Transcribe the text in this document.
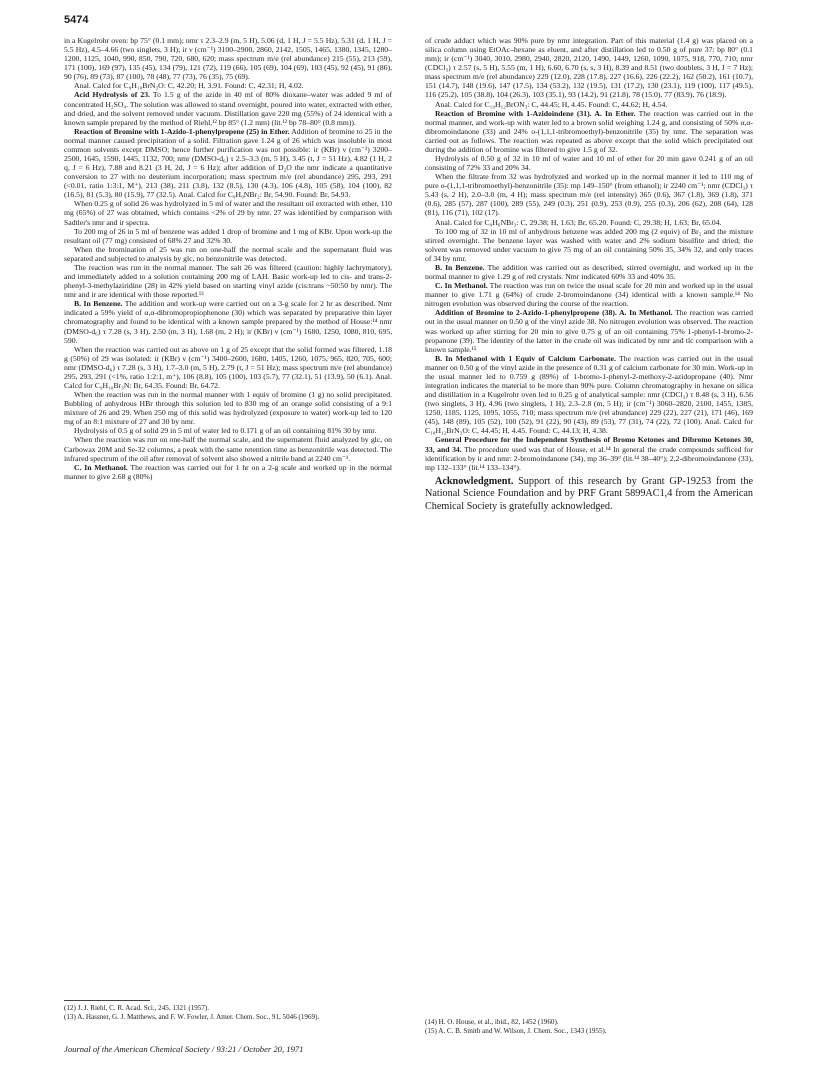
5474

in a Kugelrohr oven: bp 75° (0.1 mm); nmr τ 2.3–2.9 (m, 5 H), 5.06 (d, 1 H, J = 5.5 Hz), 5.31 (d, 1 H, J = 5.5 Hz), 4.5–4.66 (two singlets, 3 H); ir ν (cm⁻¹) 3100–2900, 2860, 2142, 1505, 1465, 1380, 1345, 1280–1200, 1125, 1040, 990, 850, 790, 720, 680, 620; mass spectrum m/e (rel abundance) 215 (55), 213 (59), 171 (100), 169 (97), 135 (45), 134 (79), 121 (72), 119 (66), 105 (69), 104 (69), 103 (45), 92 (45), 91 (86), 90 (76), 89 (73), 87 (100), 78 (48), 77 (73), 76 (35), 75 (69).

Anal. Calcd for C₉H₁₀BrN₃O: C, 42.20; H, 3.91. Found: C, 42.31; H, 4.02.

Acid Hydrolysis of 23. To 1.5 g of the azide in 40 ml of 80% dioxane–water was added 9 ml of concentrated H₂SO₄. The solution was allowed to stand overnight, poured into water, extracted with ether, and dried, and the solvent removed under vacuum. Distillation gave 220 mg (55%) of 24 identical with a known sample prepared by the method of Riehl,¹² bp 85° (1.2 mm) (lit.¹² bp 78–80° (0.8 mm)).

Reaction of Bromine with 1-Azido-1-phenylpropene (25) in Ether. Addition of bromine to 25 in the normal manner caused precipitation of a solid. Filtration gave 1.24 g of 26 which was insoluble in most common solvents except DMSO; hence further purification was not possible: ir (KBr) ν (cm⁻¹) 3200–2500, 1645, 1590, 1445, 1132, 700; nmr (DMSO-d₆) τ 2.5–3.3 (m, 5 H), 3.45 (t, J = 51 Hz), 4.82 (1 H, 2 q, J = 6 Hz), 7.88 and 8.21 (3 H, 2d, J = 6 Hz); after addition of D₂O the nmr indicate a quantitative conversion to 27 with no deuterium incorporation; mass spectrum m/e (rel abundance) 295, 293, 291 (<0.01, ratio 1:3:1, M⁺), 213 (38), 211 (3.8), 132 (8.5), 130 (4.3), 106 (4.8), 105 (58), 104 (100), 82 (16.5), 81 (5.3), 80 (15.9), 77 (32.5). Anal. Calcd for C₉H₉NBr₂: Br, 54.90. Found: Br, 54.93.

When 0.25 g of solid 26 was hydrolyzed in 5 ml of water and the resultant oil extracted with ether, 110 mg (65%) of 27 was obtained, which contains <2% of 29 by nmr. 27 was identified by comparison with Sadtler's nmr and ir spectra.

To 200 mg of 26 in 5 ml of benzene was added 1 drop of bromine and 1 mg of KBr. Upon work-up the resultant oil (77 mg) consisted of 68% 27 and 32% 30.

When the bromination of 25 was run on one-half the normal scale and the supernatant fluid was separated and subjected to analysis by glc, no benzonitrile was detected.

The reaction was run in the normal manner. The salt 26 was filtered (caution: highly lachrymatory), and immediately added to a solution containing 200 mg of LAH. Basic work-up led to cis- and trans-2-phenyl-3-methylaziridine (28) in 42% yield based on starting vinyl azide (cis:trans ~50:50 by nmr). The nmr and ir are identical with those reported.¹³

B. In Benzene. The addition and work-up were carried out on a 3-g scale for 2 hr as described. Nmr indicated a 59% yield of α,α-dibromopropiophenone (30) which was separated by preparative thin layer chromatography and found to be identical with a known sample prepared by the method of House:¹⁴ nmr (DMSO-d₆) τ 7.28 (s, 3 H), 2.50 (m, 3 H), 1.68 (m, 2 H); ir (KBr) ν (cm⁻¹) 1680, 1250, 1080, 810, 695, 590.

When the reaction was carried out as above on 1 g of 25 except that the solid formed was filtered, 1.18 g (50%) of 29 was isolated: ir (KBr) ν (cm⁻¹) 3400–2600, 1680, 1405, 1260, 1075, 965, 820, 705, 600; nmr (DMSO-d₆) τ 7.28 (s, 3 H), 1.7–3.0 (m, 5 H), 2.79 (t, J = 51 Hz); mass spectrum m/e (rel abundance) 295, 293, 291 (<1%, ratio 1:2:1, m⁺), 106 (8.8), 105 (100), 103 (5.7), 77 (32.1), 51 (13.9), 50 (6.1). Anal. Calcd for C₉H₁₀Br₃N: Br, 64.35. Found: Br, 64.72.

When the reaction was run in the normal manner with 1 equiv of bromine (1 g) no solid precipitated. Bubbling of anhydrous HBr through this solution led to 830 mg of an orange solid consisting of a 9:1 mixture of 26 and 29. When 250 mg of this solid was hydrolyzed (exposure to water) work-up led to 120 mg of an 8:1 mixture of 27 and 30 by nmr.

Hydrolysis of 0.5 g of solid 29 in 5 ml of water led to 0.171 g of an oil containing 81% 30 by nmr.

When the reaction was run on one-half the normal scale, and the supernatent fluid analyzed by glc, on Carbowax 20M and Se-32 columns, a peak with the same retention time as benzonitrile was detected. The infrared spectrum of the oil after removal of solvent also showed a nitrile band at 2240 cm⁻¹.

C. In Methanol. The reaction was carried out for 1 hr on a 2-g scale and worked up in the normal manner to give 2.68 g (80%)

of crude adduct which was 90% pure by nmr integration. Part of this material (1.4 g) was placed on a silica column using EtOAc–hexane as eluent, and after distillation led to 0.50 g of pure 37: bp 80° (0.1 mm); ir (cm⁻¹) 3040, 3010, 2980, 2940, 2820, 2120, 1490, 1449, 1260, 1090, 1075, 918, 770, 710; nmr (CDCl₃) τ 2.57 (s, 5 H), 5.55 (m, 1 H), 6.60, 6.70 (s, s, 3 H), 8.39 and 8.51 (two doublets, 3 H, J = 7 Hz); mass spectrum m/e (rel abundance) 229 (12.0), 228 (17.8), 227 (16.6), 226 (22.2), 162 (50.2), 161 (10.7), 151 (14.7), 148 (19.6), 147 (17.5), 134 (53.2), 132 (19.5), 131 (17.2), 130 (23.1), 119 (100), 117 (49.5), 116 (25.2), 105 (38.8), 104 (26.3), 103 (35.1), 93 (14.2), 91 (21.8), 78 (15.0), 77 (83.9), 76 (18.9).

Anal. Calcd for C₁₀H₁₂BrON₃: C, 44.45; H, 4.45. Found: C, 44.62; H, 4.54.

Reaction of Bromine with 1-Azidoindene (31). A. In Ether. The reaction was carried out in the normal manner, and work-up with water led to a brown solid weighing 1.24 g, and consisting of 50% α,α-dibromoindanone (33) and 24% o-(1,1,1-tribromoethyl)-benzonitrile (35) by nmr. The separation was carried out as follows. The reaction was repeated as above except that the solid which precipitated out during the addition of bromine was filtered to give 1.5 g of 32.

Hydrolysis of 0.50 g of 32 in 10 ml of water and 10 ml of ether for 20 min gave 0.241 g of an oil consisting of 72% 33 and 20% 34.

When the filtrate from 32 was hydrolyzed and worked up in the normal manner it led to 110 mg of pure o-(1,1,1-tribromoethyl)-benzonitrile (35): mp 149–150° (from ethanol); ir 2240 cm⁻¹; nmr (CDCl₃) τ 5.43 (s, 2 H), 2.0–3.0 (m, 4 H); mass spectrum m/e (rel intensity) 365 (0.6), 367 (1.8), 369 (1.8), 371 (0.6), 285 (57), 287 (100), 289 (55), 249 (0.3), 251 (0.9), 253 (0.9), 255 (0.3), 206 (62), 208 (64), 128 (81), 116 (71), 102 (17).

Anal. Calcd for C₉H₆NBr₃: C, 29.38; H, 1.63; Br, 65.20. Found: C, 29.38; H, 1.63; Br, 65.04.

To 100 mg of 32 in 10 ml of anhydrous benzene was added 200 mg (2 equiv) of Br₂ and the mixture stirred overnight. The benzene layer was washed with water and 2% sodium bisulfite and dried; the solvent was removed under vacuum to give 75 mg of an oil containing 50% 35, 34% 32, and only traces of 34 by nmr.

B. In Benzene. The addition was carried out as described, stirred overnight, and worked up in the normal manner to give 1.29 g of red crystals. Nmr indicated 60% 33 and 40% 35.

C. In Methanol. The reaction was run on twice the usual scale for 20 min and worked up in the usual manner to give 1.71 g (64%) of crude 2-bromoindanone (34) identical with a known sample.¹⁴ No nitrogen evolution was observed during the course of the reaction.

Addition of Bromine to 2-Azido-1-phenylpropene (38). A. In Methanol. The reaction was carried out in the usual manner on 0.50 g of the vinyl azide 38. No nitrogen evolution was observed. The reaction was worked up after stirring for 20 min to give 0.75 g of an oil containing 75% 1-phenyl-1-bromo-2-propanone (39). The identity of the latter in the crude oil was indicated by nmr and tlc comparison with a known sample.¹⁵

B. In Methanol with 1 Equiv of Calcium Carbonate. The reaction was carried out in the usual manner on 0.50 g of the vinyl azide in the presence of 0.31 g of calcium carbonate for 30 min. Work-up in the usual manner led to 0.759 g (89%) of 1-bromo-1-phenyl-2-methoxy-2-azidopropane (40). Nmr integration indicates the material to be more than 90% pure. Column chromatography in hexane on silica and distillation in a Kugelrohr oven led to 0.25 g of analytical sample: nmr (CDCl₃) τ 8.48 (s, 3 H), 6.56 (two singlets, 3 H), 4.96 (two singlets, 1 H), 2.3–2.8 (m, 5 H); ir (cm⁻¹) 3060–2820, 2100, 1455, 1385, 1250, 1185, 1125, 1095, 1055, 710; mass spectrum m/e (rel abundance) 229 (22), 227 (21), 171 (46), 169 (45), 148 (89), 105 (52), 100 (52), 91 (22), 90 (43), 89 (53), 77 (31), 74 (22), 72 (100). Anal. Calcd for C₁₀H₁₂BrN₃O: C, 44.45; H, 4.45. Found: C, 44.13; H, 4.38.

General Procedure for the Independent Synthesis of Bromo Ketones and Dibromo Ketones 30, 33, and 34. The procedure used was that of House, et al.¹⁴ In general the crude compounds sufficed for identification by ir and nmr: 2-bromoindanone (34), mp 36–39° (lit.¹⁴ 38–40°); 2,2-dibromoindanone (33), mp 132–133° (lit.¹⁴ 133–134°).

Acknowledgment. Support of this research by Grant GP-19253 from the National Science Foundation and by PRF Grant 5899AC1,4 from the American Chemical Society is gratefully acknowledged.

(12) J. J. Riehl, C. R. Acad. Sci., 245, 1321 (1957).

(13) A. Hassner, G. J. Matthews, and F. W. Fowler, J. Amer. Chem. Soc., 91, 5046 (1969).

(14) H. O. House, et al., ibid., 82, 1452 (1960).

(15) A. C. B. Smith and W. Wilson, J. Chem. Soc., 1343 (1955).

Journal of the American Chemical Society / 93:21 / October 20, 1971
